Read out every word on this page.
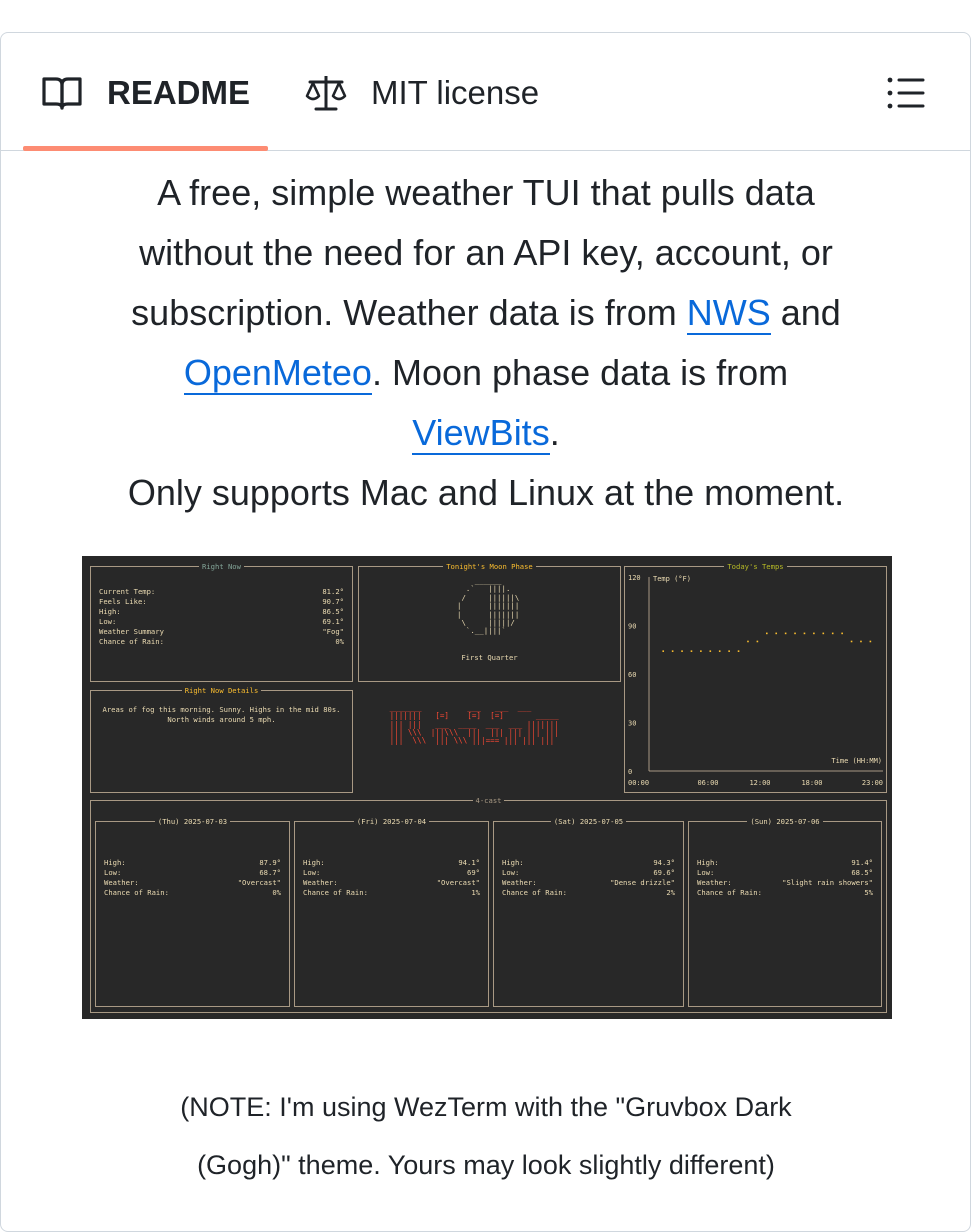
README	MIT license
A free, simple weather TUI that pulls data
without the need for an API key, account, or
subscription. Weather data is from NWS and
OpenMeteo. Moon phase data is from
ViewBits.
Only supports Mac and Linux at the moment.
Right Now
Current Temp:	81.2°
Feels Like:	90.7°
High:	86.5°
Low:	69.1°
Weather Summary	"Fog"
Chance of Rain:	0%
Tonight's Moon Phase
______
.`   ||||.
/     ||||||\
|      |||||||
|      |||||||
\     |||||/
`.__||||`
First Quarter
Today's Temps
120
90
60
30
0
Temp (°F)
Time (HH:MM)
00:00	06:00	12:00	18:00	23:00
Right Now Details
Areas of fog this morning. Sunny. Highs in the mid 80s.
North winds around 5 mph.
_______          ___   ___  ___
|||||||   [=]    [=]  [=]       _____
||| |||   ___  ____  ___  ___ |||||||
||| \\\  |||\\\  |||  ||| ||| ||| |||
|||  \\\  ||| \\\ |||=== ||| ||| |||
4-cast
(Thu) 2025-07-03
High:	87.9°
Low:	68.7°
Weather:	"Overcast"
Chance of Rain:	0%
(Fri) 2025-07-04
High:	94.1°
Low:	69°
Weather:	"Overcast"
Chance of Rain:	1%
(Sat) 2025-07-05
High:	94.3°
Low:	69.6°
Weather:	"Dense drizzle"
Chance of Rain:	2%
(Sun) 2025-07-06
High:	91.4°
Low:	68.5°
Weather:	"Slight rain showers"
Chance of Rain:	5%
(NOTE: I'm using WezTerm with the "Gruvbox Dark
(Gogh)" theme. Yours may look slightly different)
